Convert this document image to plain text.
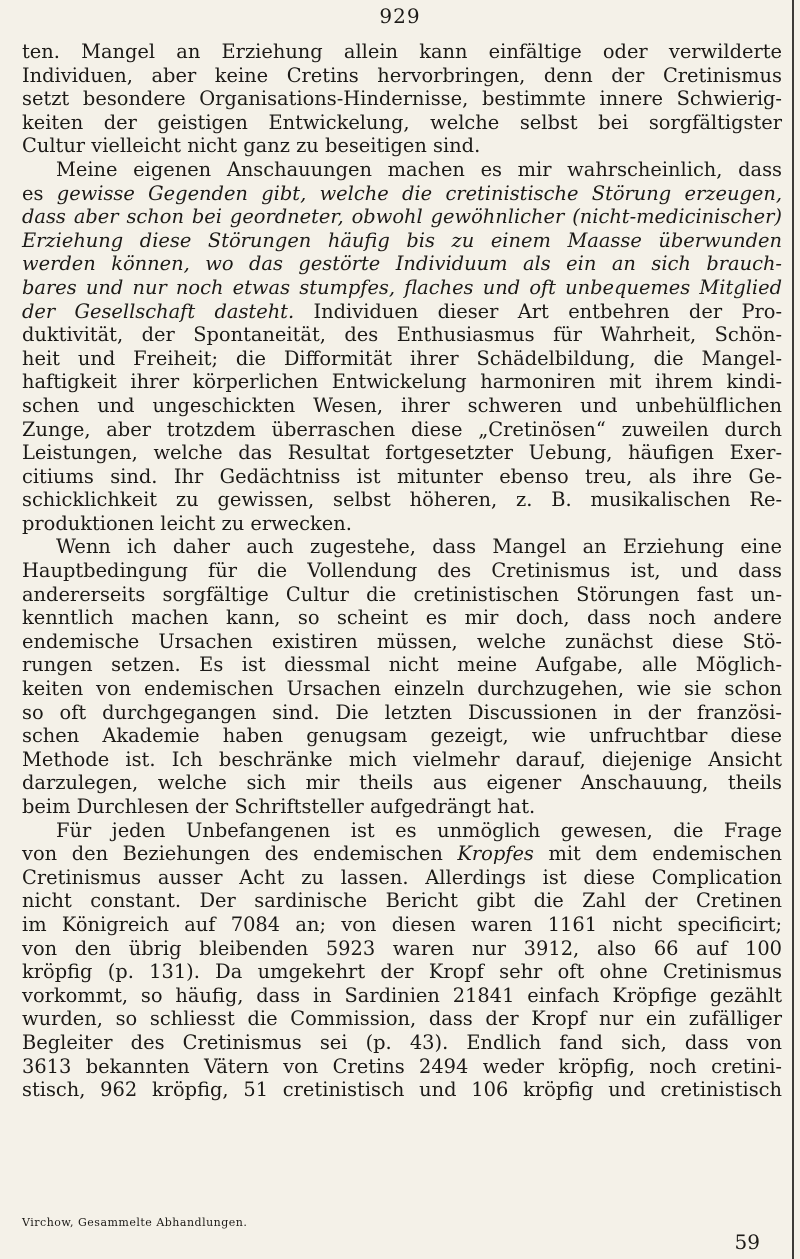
929

ten. Mangel an Erziehung allein kann einfältige oder verwilderte

Individuen, aber keine Cretins hervorbringen, denn der Cretinismus

setzt besondere Organisations-Hindernisse, bestimmte innere Schwierig-

keiten der geistigen Entwickelung, welche selbst bei sorgfältigster

Cultur vielleicht nicht ganz zu beseitigen sind.

Meine eigenen Anschauungen machen es mir wahrscheinlich, dass

es gewisse Gegenden gibt, welche die cretinistische Störung erzeugen,

dass aber schon bei geordneter, obwohl gewöhnlicher (nicht-medicinischer)

Erziehung diese Störungen häufig bis zu einem Maasse überwunden

werden können, wo das gestörte Individuum als ein an sich brauch-

bares und nur noch etwas stumpfes, flaches und oft unbequemes Mitglied

der Gesellschaft dasteht. Individuen dieser Art entbehren der Pro-

duktivität, der Spontaneität, des Enthusiasmus für Wahrheit, Schön-

heit und Freiheit; die Difformität ihrer Schädelbildung, die Mangel-

haftigkeit ihrer körperlichen Entwickelung harmoniren mit ihrem kindi-

schen und ungeschickten Wesen, ihrer schweren und unbehülflichen

Zunge, aber trotzdem überraschen diese „Cretinösen“ zuweilen durch

Leistungen, welche das Resultat fortgesetzter Uebung, häufigen Exer-

citiums sind. Ihr Gedächtniss ist mitunter ebenso treu, als ihre Ge-

schicklichkeit zu gewissen, selbst höheren, z. B. musikalischen Re-

produktionen leicht zu erwecken.

Wenn ich daher auch zugestehe, dass Mangel an Erziehung eine

Hauptbedingung für die Vollendung des Cretinismus ist, und dass

andererseits sorgfältige Cultur die cretinistischen Störungen fast un-

kenntlich machen kann, so scheint es mir doch, dass noch andere

endemische Ursachen existiren müssen, welche zunächst diese Stö-

rungen setzen. Es ist diessmal nicht meine Aufgabe, alle Möglich-

keiten von endemischen Ursachen einzeln durchzugehen, wie sie schon

so oft durchgegangen sind. Die letzten Discussionen in der französi-

schen Akademie haben genugsam gezeigt, wie unfruchtbar diese

Methode ist. Ich beschränke mich vielmehr darauf, diejenige Ansicht

darzulegen, welche sich mir theils aus eigener Anschauung, theils

beim Durchlesen der Schriftsteller aufgedrängt hat.

Für jeden Unbefangenen ist es unmöglich gewesen, die Frage

von den Beziehungen des endemischen Kropfes mit dem endemischen

Cretinismus ausser Acht zu lassen. Allerdings ist diese Complication

nicht constant. Der sardinische Bericht gibt die Zahl der Cretinen

im Königreich auf 7084 an; von diesen waren 1161 nicht specificirt;

von den übrig bleibenden 5923 waren nur 3912, also 66 auf 100

kröpfig (p. 131). Da umgekehrt der Kropf sehr oft ohne Cretinismus

vorkommt, so häufig, dass in Sardinien 21841 einfach Kröpfige gezählt

wurden, so schliesst die Commission, dass der Kropf nur ein zufälliger

Begleiter des Cretinismus sei (p. 43). Endlich fand sich, dass von

3613 bekannten Vätern von Cretins 2494 weder kröpfig, noch cretini-

stisch, 962 kröpfig, 51 cretinistisch und 106 kröpfig und cretinistisch

Virchow, Gesammelte Abhandlungen.
59
